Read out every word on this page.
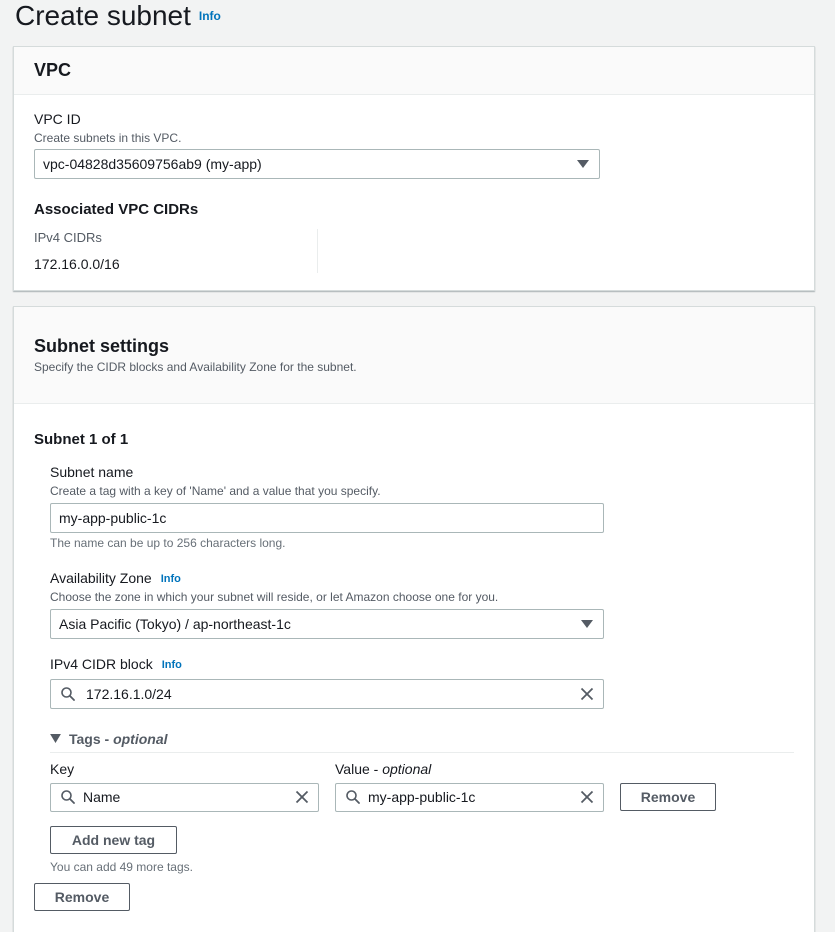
Create subnet Info
VPC
VPC ID
Create subnets in this VPC.
vpc-04828d35609756ab9 (my-app)
Associated VPC CIDRs
IPv4 CIDRs
172.16.0.0/16
Subnet settings
Specify the CIDR blocks and Availability Zone for the subnet.
Subnet 1 of 1
Subnet name
Create a tag with a key of 'Name' and a value that you specify.
my-app-public-1c
The name can be up to 256 characters long.
Availability Zone Info
Choose the zone in which your subnet will reside, or let Amazon choose one for you.
Asia Pacific (Tokyo) / ap-northeast-1c
IPv4 CIDR block Info
172.16.1.0/24
Tags - optional
Key	Value - optional
Name	my-app-public-1c	Remove
Add new tag
You can add 49 more tags.
Remove
